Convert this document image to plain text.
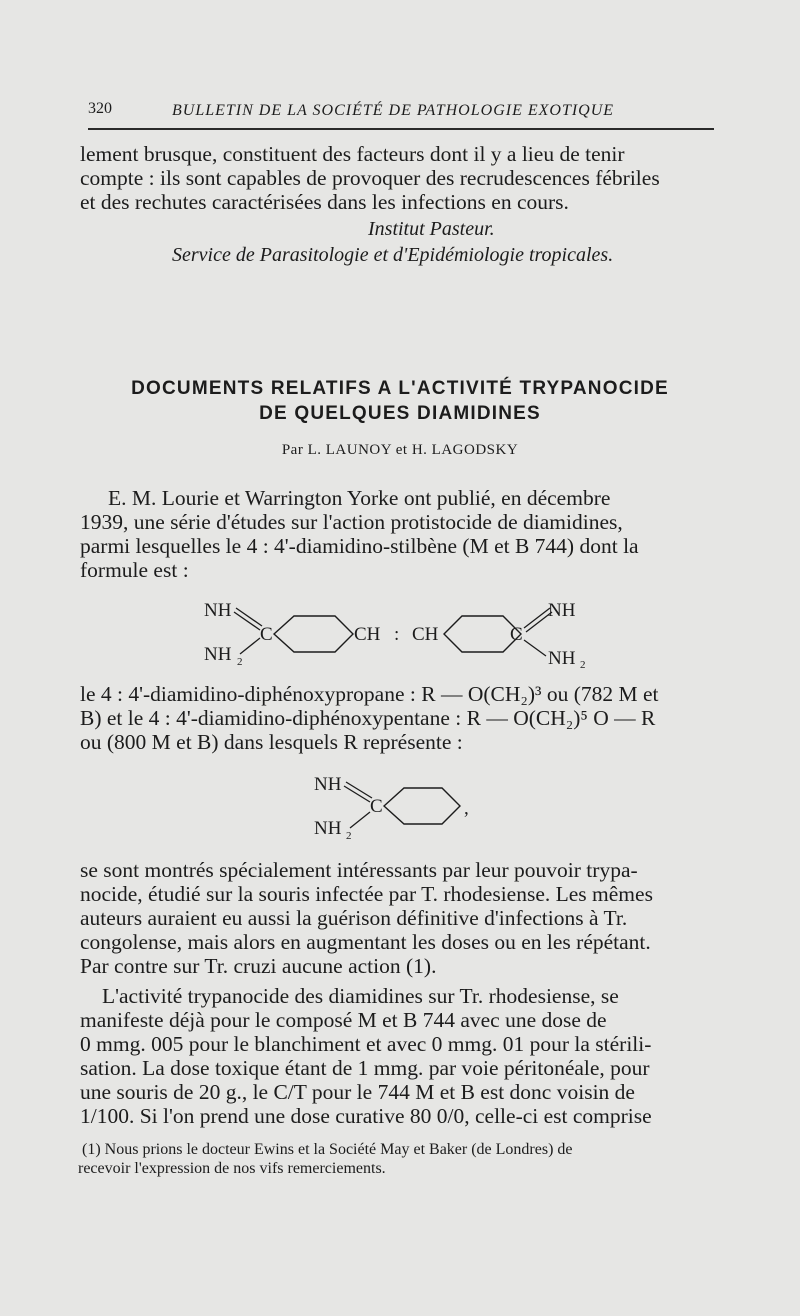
320	BULLETIN DE LA SOCIÉTÉ DE PATHOLOGIE EXOTIQUE
lement brusque, constituent des facteurs dont il y a lieu de tenir
compte : ils sont capables de provoquer des recrudescences fébriles
et des rechutes caractérisées dans les infections en cours.
Institut Pasteur.
Service de Parasitologie et d'Epidémiologie tropicales.
DOCUMENTS RELATIFS A L'ACTIVITÉ TRYPANOCIDE
DE QUELQUES DIAMIDINES
Par L. LAUNOY et H. LAGODSKY
E. M. Lourie et Warrington Yorke ont publié, en décembre
1939, une série d'études sur l'action protistocide de diamidines,
parmi lesquelles le 4 : 4'-diamidino-stilbène (M et B 744) dont la
formule est :
NH
NH 2
C	CH : CH	C
NH
NH 2
le 4 : 4'-diamidino-diphénoxypropane : R — O(CH₂)³ ou (782 M et
B) et le 4 : 4'-diamidino-diphénoxypentane : R — O(CH₂)⁵ O — R
ou (800 M et B) dans lesquels R représente :
NH
NH 2
C	,
se sont montrés spécialement intéressants par leur pouvoir trypa-
nocide, étudié sur la souris infectée par T. rhodesiense. Les mêmes
auteurs auraient eu aussi la guérison définitive d'infections à Tr.
congolense, mais alors en augmentant les doses ou en les répétant.
Par contre sur Tr. cruzi aucune action (1).
L'activité trypanocide des diamidines sur Tr. rhodesiense, se
manifeste déjà pour le composé M et B 744 avec une dose de
0 mmg. 005 pour le blanchiment et avec 0 mmg. 01 pour la stérili-
sation. La dose toxique étant de 1 mmg. par voie péritonéale, pour
une souris de 20 g., le C/T pour le 744 M et B est donc voisin de
1/100. Si l'on prend une dose curative 80 0/0, celle-ci est comprise
(1) Nous prions le docteur Ewins et la Société May et Baker (de Londres) de
recevoir l'expression de nos vifs remerciements.
